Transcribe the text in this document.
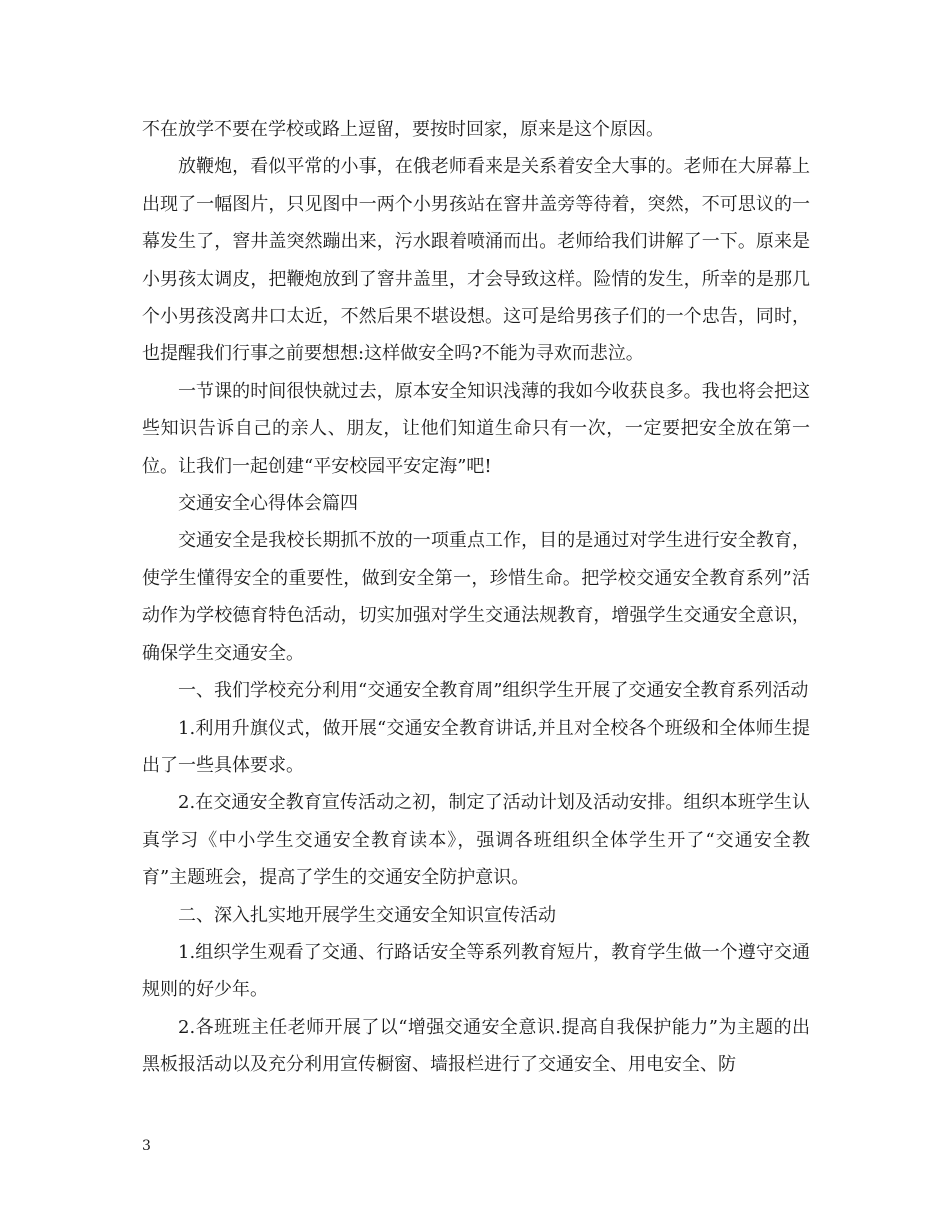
不在放学不要在学校或路上逗留，要按时回家，原来是这个原因。

放鞭炮，看似平常的小事，在俄老师看来是关系着安全大事的。老师在大屏幕上出现了一幅图片，只见图中一两个小男孩站在窨井盖旁等待着，突然，不可思议的一幕发生了，窨井盖突然蹦出来，污水跟着喷涌而出。老师给我们讲解了一下。原来是小男孩太调皮，把鞭炮放到了窨井盖里，才会导致这样。险情的发生，所幸的是那几个小男孩没离井口太近，不然后果不堪设想。这可是给男孩子们的一个忠告，同时，也提醒我们行事之前要想想:这样做安全吗?不能为寻欢而悲泣。

一节课的时间很快就过去，原本安全知识浅薄的我如今收获良多。我也将会把这些知识告诉自己的亲人、朋友，让他们知道生命只有一次，一定要把安全放在第一位。让我们一起创建“平安校园平安定海”吧!

交通安全心得体会篇四

交通安全是我校长期抓不放的一项重点工作，目的是通过对学生进行安全教育，使学生懂得安全的重要性，做到安全第一，珍惜生命。把学校交通安全教育系列”活动作为学校德育特色活动，切实加强对学生交通法规教育，增强学生交通安全意识，确保学生交通安全。

一、我们学校充分利用“交通安全教育周”组织学生开展了交通安全教育系列活动

1.利用升旗仪式，做开展“交通安全教育讲话,并且对全校各个班级和全体师生提出了一些具体要求。

2.在交通安全教育宣传活动之初，制定了活动计划及活动安排。组织本班学生认真学习《中小学生交通安全教育读本》，强调各班组织全体学生开了“交通安全教育”主题班会，提高了学生的交通安全防护意识。

二、深入扎实地开展学生交通安全知识宣传活动

1.组织学生观看了交通、行路话安全等系列教育短片，教育学生做一个遵守交通规则的好少年。

2.各班班主任老师开展了以“增强交通安全意识.提高自我保护能力”为主题的出黑板报活动以及充分利用宣传橱窗、墙报栏进行了交通安全、用电安全、防

3
